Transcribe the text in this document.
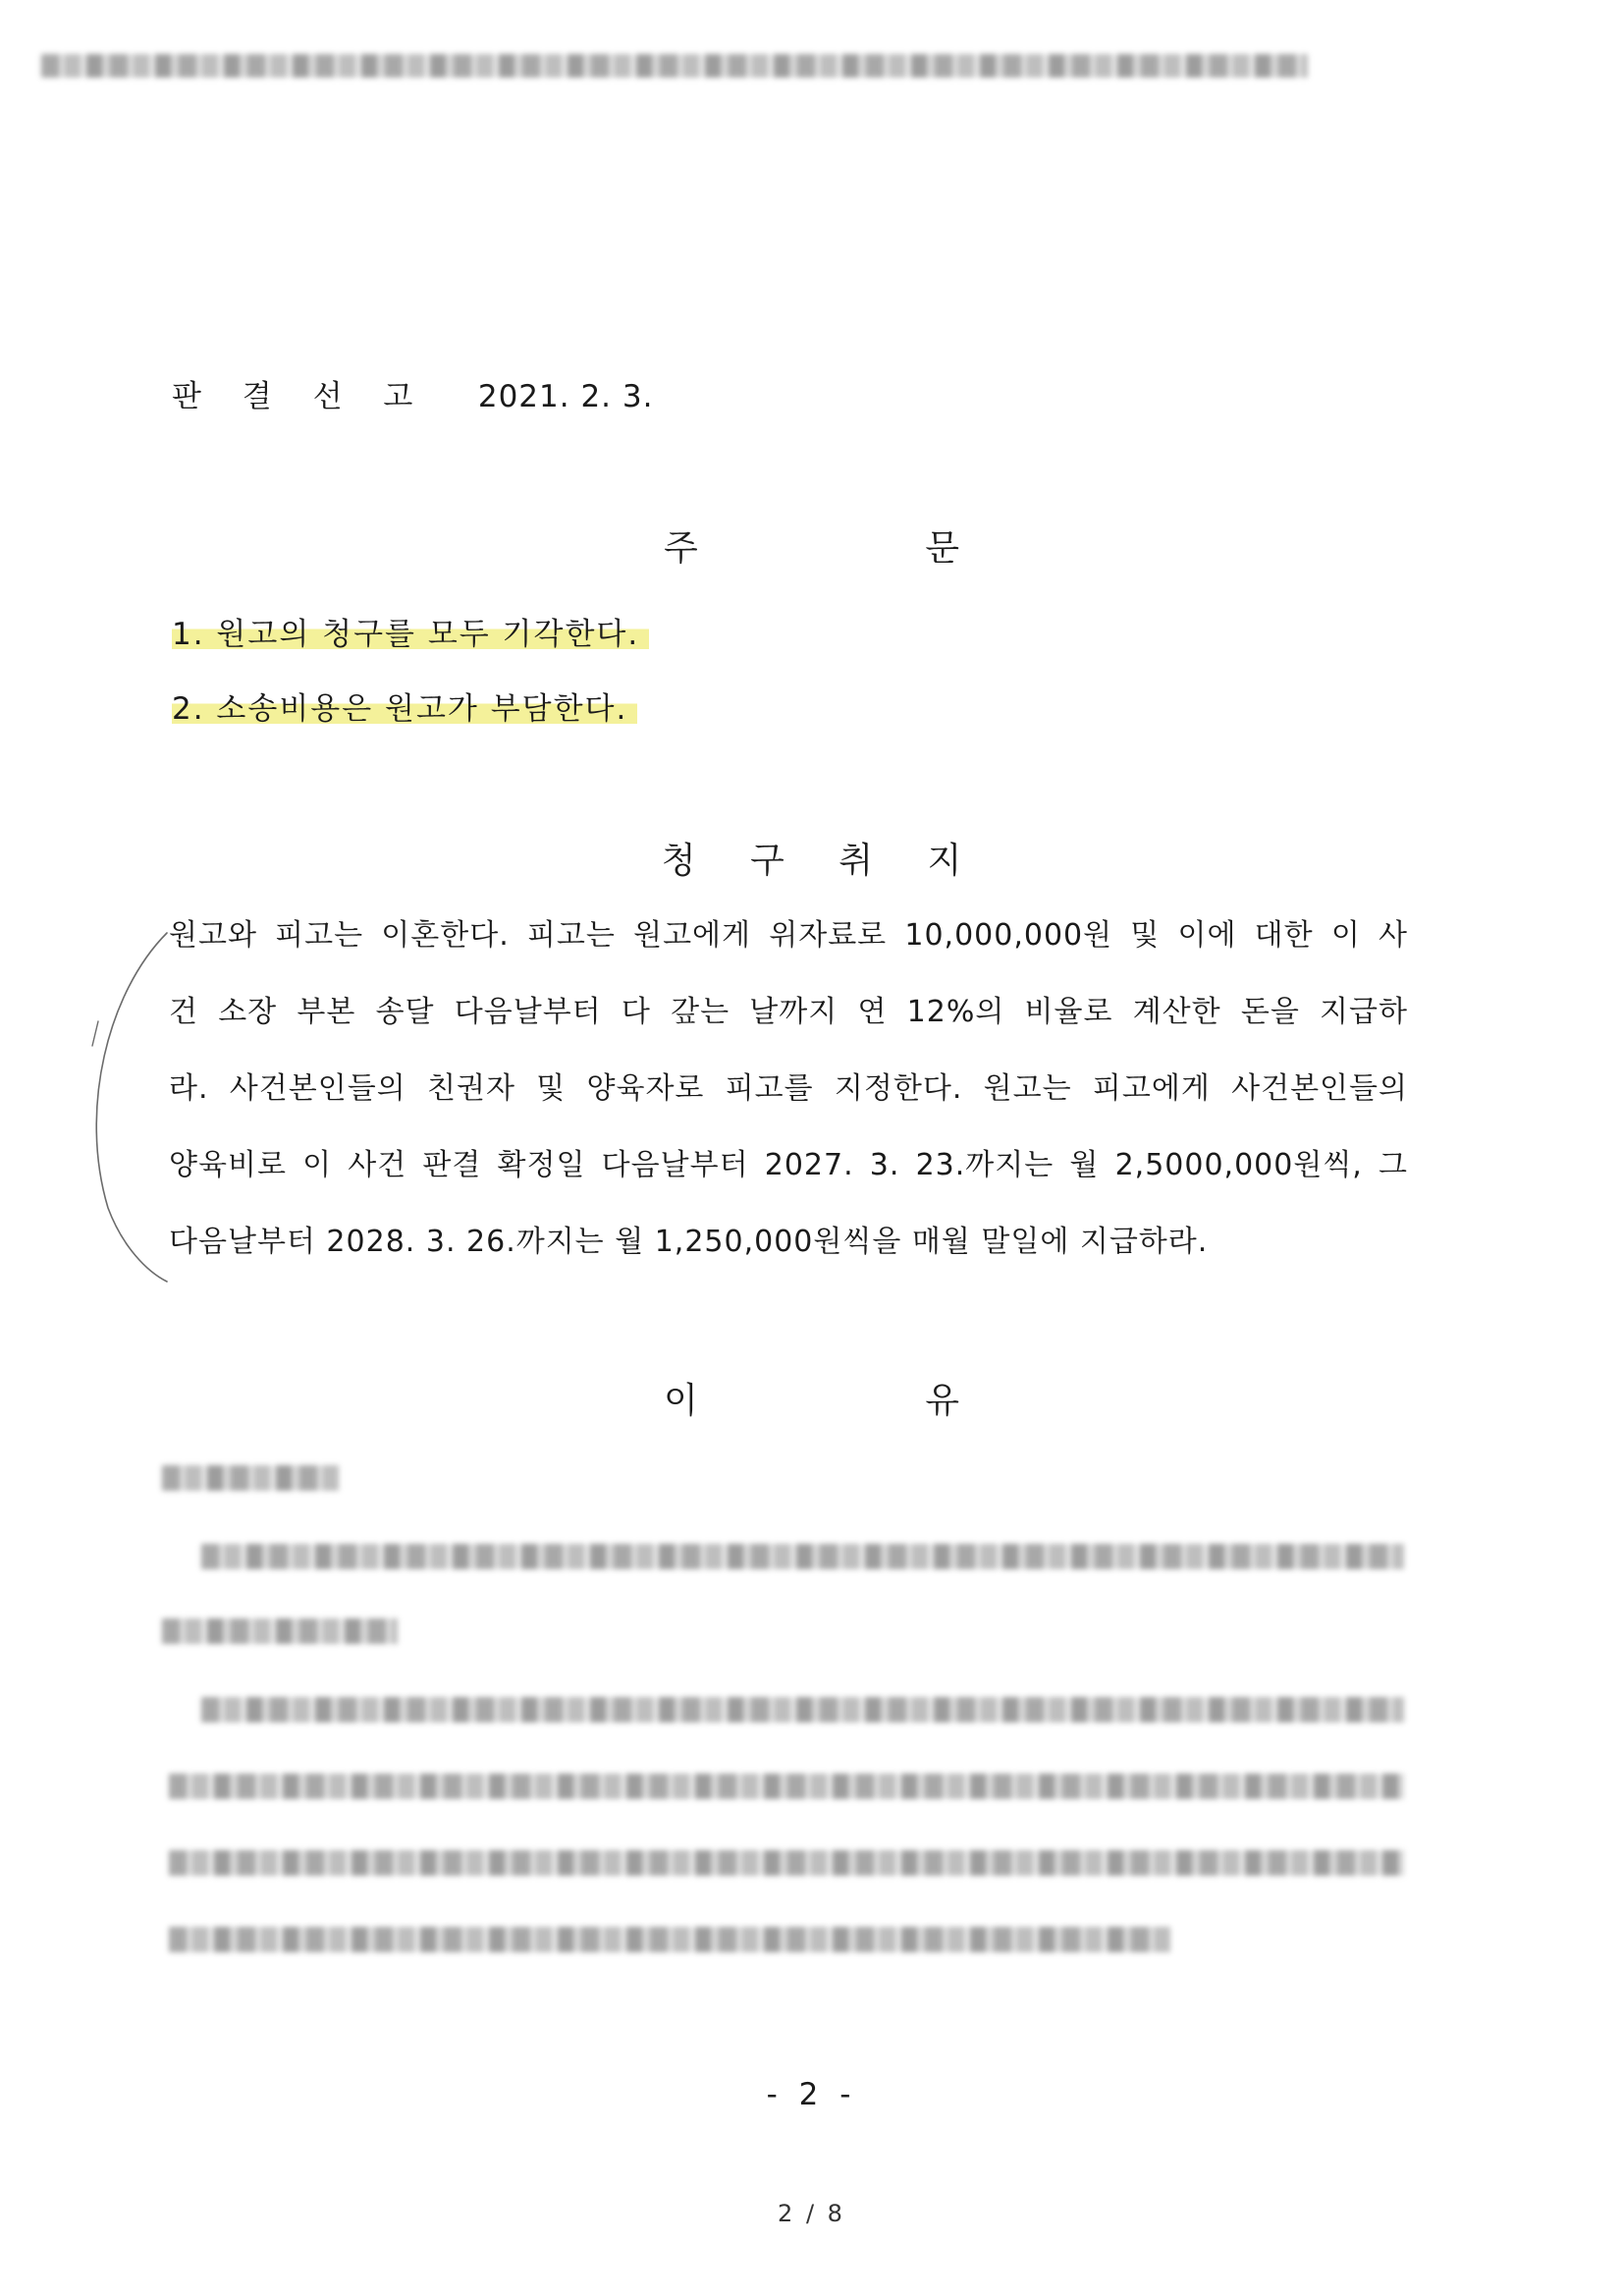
판 결 선 고 2021. 2. 3.
주 문
1. 원고의 청구를 모두 기각한다.
2. 소송비용은 원고가 부담한다.
청 구 취 지
원고와 피고는 이혼한다. 피고는 원고에게 위자료로 10,000,000원 및 이에 대한 이 사
건 소장 부본 송달 다음날부터 다 갚는 날까지 연 12%의 비율로 계산한 돈을 지급하
라. 사건본인들의 친권자 및 양육자로 피고를 지정한다. 원고는 피고에게 사건본인들의
양육비로 이 사건 판결 확정일 다음날부터 2027. 3. 23.까지는 월 2,5000,000원씩, 그
다음날부터 2028. 3. 26.까지는 월 1,250,000원씩을 매월 말일에 지급하라.
이 유
- 2 -
2 / 8
